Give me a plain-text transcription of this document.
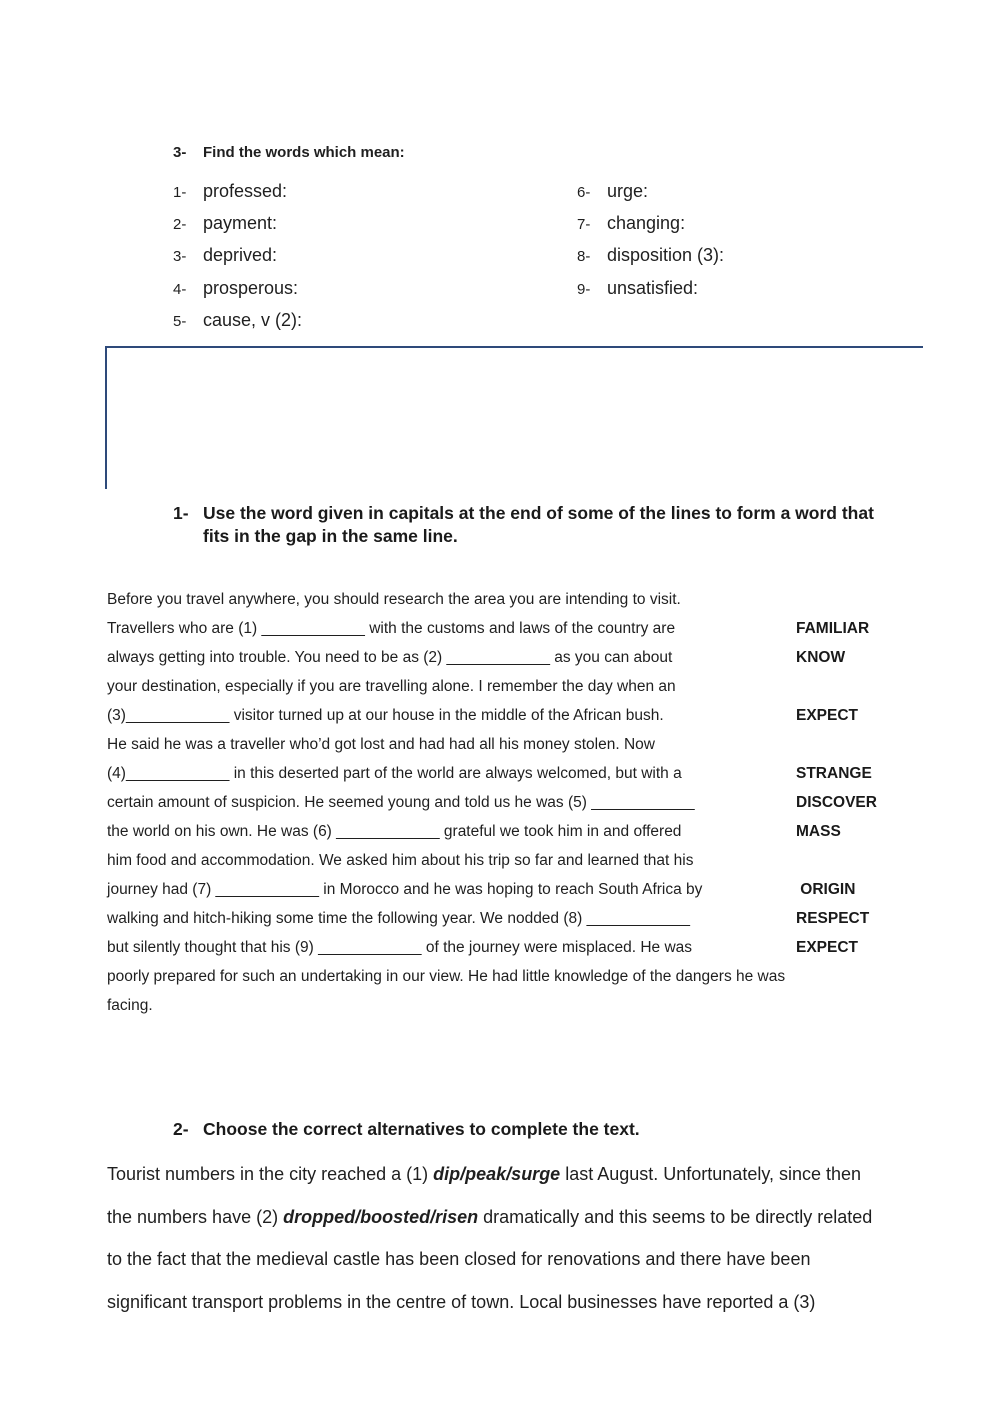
3- Find the words which mean:
1- professed:
2- payment:
3- deprived:
4- prosperous:
5- cause, v (2):
6- urge:
7- changing:
8- disposition (3):
9- unsatisfied:
1- Use the word given in capitals at the end of some of the lines to form a word that fits in the gap in the same line.
Before you travel anywhere, you should research the area you are intending to visit.
Travellers who are (1) ____________ with the customs and laws of the country are	FAMILIAR
always getting into trouble. You need to be as (2) ____________ as you can about	KNOW
your destination, especially if you are travelling alone. I remember the day when an
(3)____________ visitor turned up at our house in the middle of the African bush.	EXPECT
He said he was a traveller who’d got lost and had had all his money stolen. Now
(4)____________ in this deserted part of the world are always welcomed, but with a	STRANGE
certain amount of suspicion. He seemed young and told us he was (5) ____________	DISCOVER
the world on his own. He was (6) ____________ grateful we took him in and offered	MASS
him food and accommodation. We asked him about his trip so far and learned that his
journey had (7) ____________ in Morocco and he was hoping to reach South Africa by	ORIGIN
walking and hitch-hiking some time the following year. We nodded (8) ____________	RESPECT
but silently thought that his (9) ____________ of the journey were misplaced. He was	EXPECT
poorly prepared for such an undertaking in our view. He had little knowledge of the dangers he was
facing.
2- Choose the correct alternatives to complete the text.
Tourist numbers in the city reached a (1) dip/peak/surge last August. Unfortunately, since then
the numbers have (2) dropped/boosted/risen dramatically and this seems to be directly related
to the fact that the medieval castle has been closed for renovations and there have been
significant transport problems in the centre of town. Local businesses have reported a (3)
